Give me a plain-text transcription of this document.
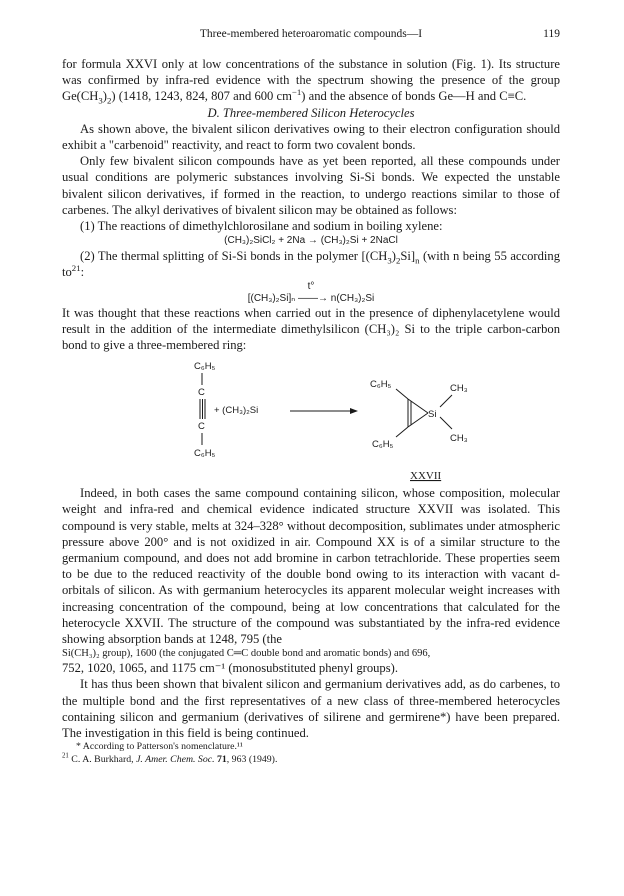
Three-membered heteroaromatic compounds—I	119

for formula XXVI only at low concentrations of the substance in solution (Fig. 1). Its structure was confirmed by infra-red evidence with the spectrum showing the presence of the group $Ge(CH_3)_2$) (1418, 1243, 824, 807 and 600 $cm^{-1}$) and the absence of bonds Ge—H and C≡C.

D. Three-membered Silicon Heterocycles

As shown above, the bivalent silicon derivatives owing to their electron configuration should exhibit a "carbenoid" reactivity, and react to form two covalent bonds.

Only few bivalent silicon compounds have as yet been reported, all these compounds under usual conditions are polymeric substances involving Si-Si bonds. We expected the unstable bivalent silicon derivatives, if formed in the reaction, to undergo reactions similar to those of carbenes. The alkyl derivatives of bivalent silicon may be obtained as follows:

(1) The reactions of dimethylchlorosilane and sodium in boiling xylene:

(CH₃)₂SiCl₂ + 2Na → (CH₃)₂Si + 2NaCl

(2) The thermal splitting of Si-Si bonds in the polymer $[(CH_3)_2Si]_n$ (with n being 55 according $to^{21}$:

t°

[(CH₃)₂Si]ₙ ——→ n(CH₃)₂Si

It was thought that these reactions when carried out in the presence of diphenylacetylene would result in the addition of the intermediate dimethylsilicon (CH₃)₂ Si to the triple carbon-carbon bond to give a three-membered ring:

C₆H₅
C
C
C₆H₅
+ (CH₃)₂Si
C₆H₅
C₆H₅
Si
CH₃
CH₃
XXVII

Indeed, in both cases the same compound containing silicon, whose composition, molecular weight and infra-red and chemical evidence indicated structure XXVII was isolated. This compound is very stable, melts at 324–328° without decomposition, sublimates under atmospheric pressure above 200° and is not oxidized in air. Compound XX is of a similar structure to the germanium compound, and does not add bromine in carbon tetrachloride. These properties seem to be due to the reduced reactivity of the double bond owing to its interaction with vacant d-orbitals of silicon. As with germanium heterocycles its apparent molecular weight increases with increasing concentration of the compound, being at low concentrations that calculated for the heterocycle XXVII. The structure of the compound was substantiated by the infra-red evidence showing absorption bands at 1248, 795 (the

Si(CH₃)₂ group), 1600 (the conjugated C═C double bond and aromatic bonds) and 696,

752, 1020, 1065, and 1175 cm⁻¹ (monosubstituted phenyl groups).

It has thus been shown that bivalent silicon and germanium derivatives add, as do carbenes, to the multiple bond and the first representatives of a new class of three-membered heterocycles containing silicon and germanium (derivatives of silirene and germirene*) have been prepared. The investigation in this field is being continued.

* According to Patterson's nomenclature.¹¹

$^{21}$ C. A. Burkhard, J. Amer. Chem. Soc. 71, 963 (1949).
